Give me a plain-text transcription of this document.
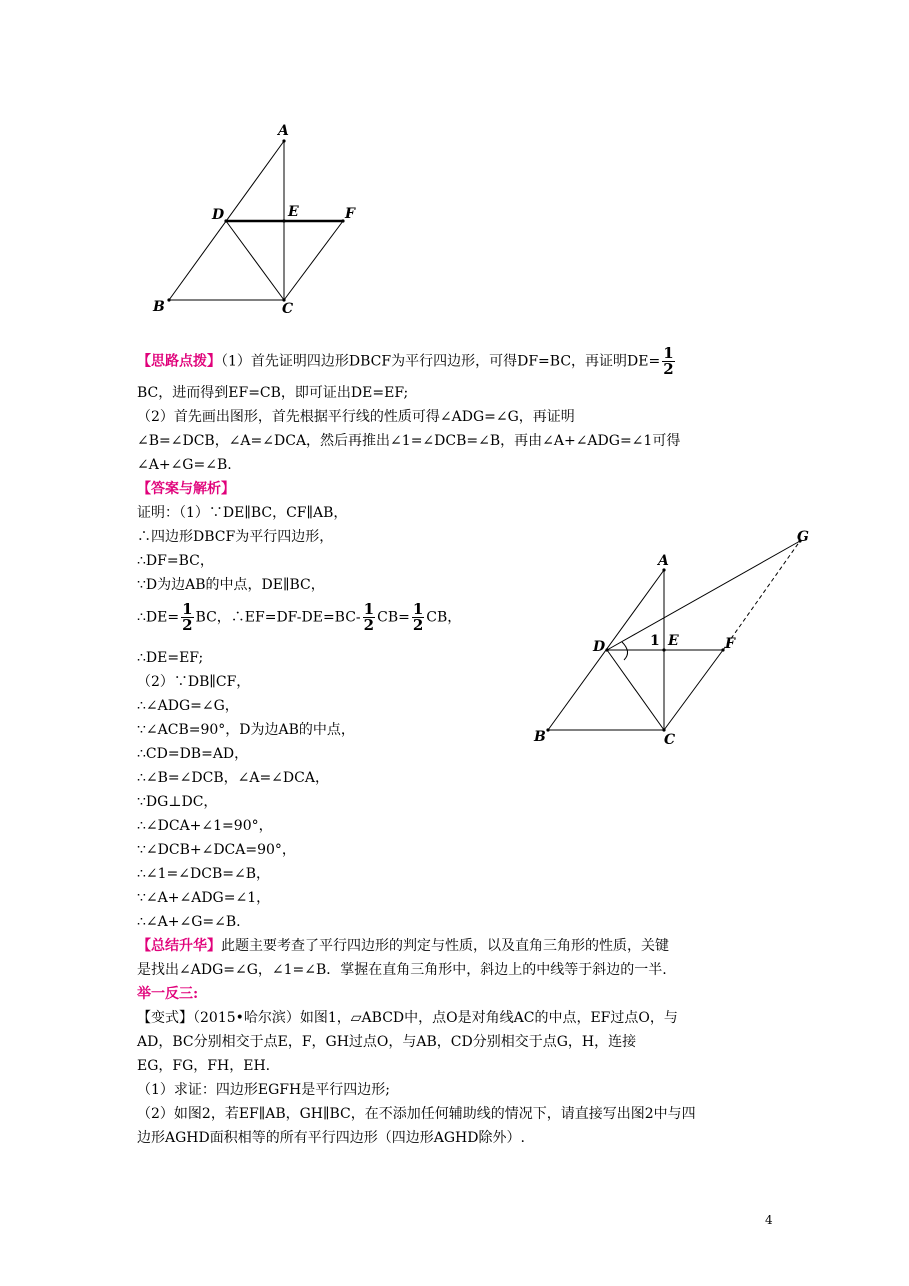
A
D	E	F
B	C
G
A
D	1 E	F
B	C
【思路点拨】（1）首先证明四边形DBCF为平行四边形，可得DF=BC，再证明$DE= \frac{1}{2}$
BC，进而得到EF=CB，即可证出DE=EF;
（2）首先画出图形，首先根据平行线的性质可得∠ADG=∠G，再证明
∠B=∠DCB，∠A=∠DCA，然后再推出∠1=∠DCB=∠B，再由∠A+∠ADG=∠1可得
∠A+∠G=∠B.
【答案与解析】
证明：（1）∵DE∥BC，CF∥AB，
∴四边形DBCF为平行四边形，
∴DF=BC，
∵D为边AB的中点，DE∥BC，
∴DE= $\frac{1}{2}$ BC，∴EF=DF-DE=BC- $\frac{1}{2} CB= \frac{1}{2}$ CB，
∴DE=EF;
（2）∵DB∥CF，
∴∠ADG=∠G，
∵∠ACB=90°，D为边AB的中点，
∴CD=DB=AD，
∴∠B=∠DCB，∠A=∠DCA，
∵DG⊥DC，
∴∠DCA+∠1=90°，
∵∠DCB+∠DCA=90°，
∴∠1=∠DCB=∠B，
∵∠A+∠ADG=∠1，
∴∠A+∠G=∠B.
【总结升华】此题主要考查了平行四边形的判定与性质，以及直角三角形的性质，关键
是找出∠ADG=∠G，∠1=∠B．掌握在直角三角形中，斜边上的中线等于斜边的一半.
举一反三:
【变式】（2015•哈尔滨）如图1，▱ABCD中，点O是对角线AC的中点，EF过点O，与
AD，BC分别相交于点E，F，GH过点O，与AB，CD分别相交于点G，H，连接
EG，FG，FH，EH.
（1）求证：四边形EGFH是平行四边形;
（2）如图2，若EF∥AB，GH∥BC，在不添加任何辅助线的情况下，请直接写出图2中与四
边形AGHD面积相等的所有平行四边形（四边形AGHD除外）.
4
